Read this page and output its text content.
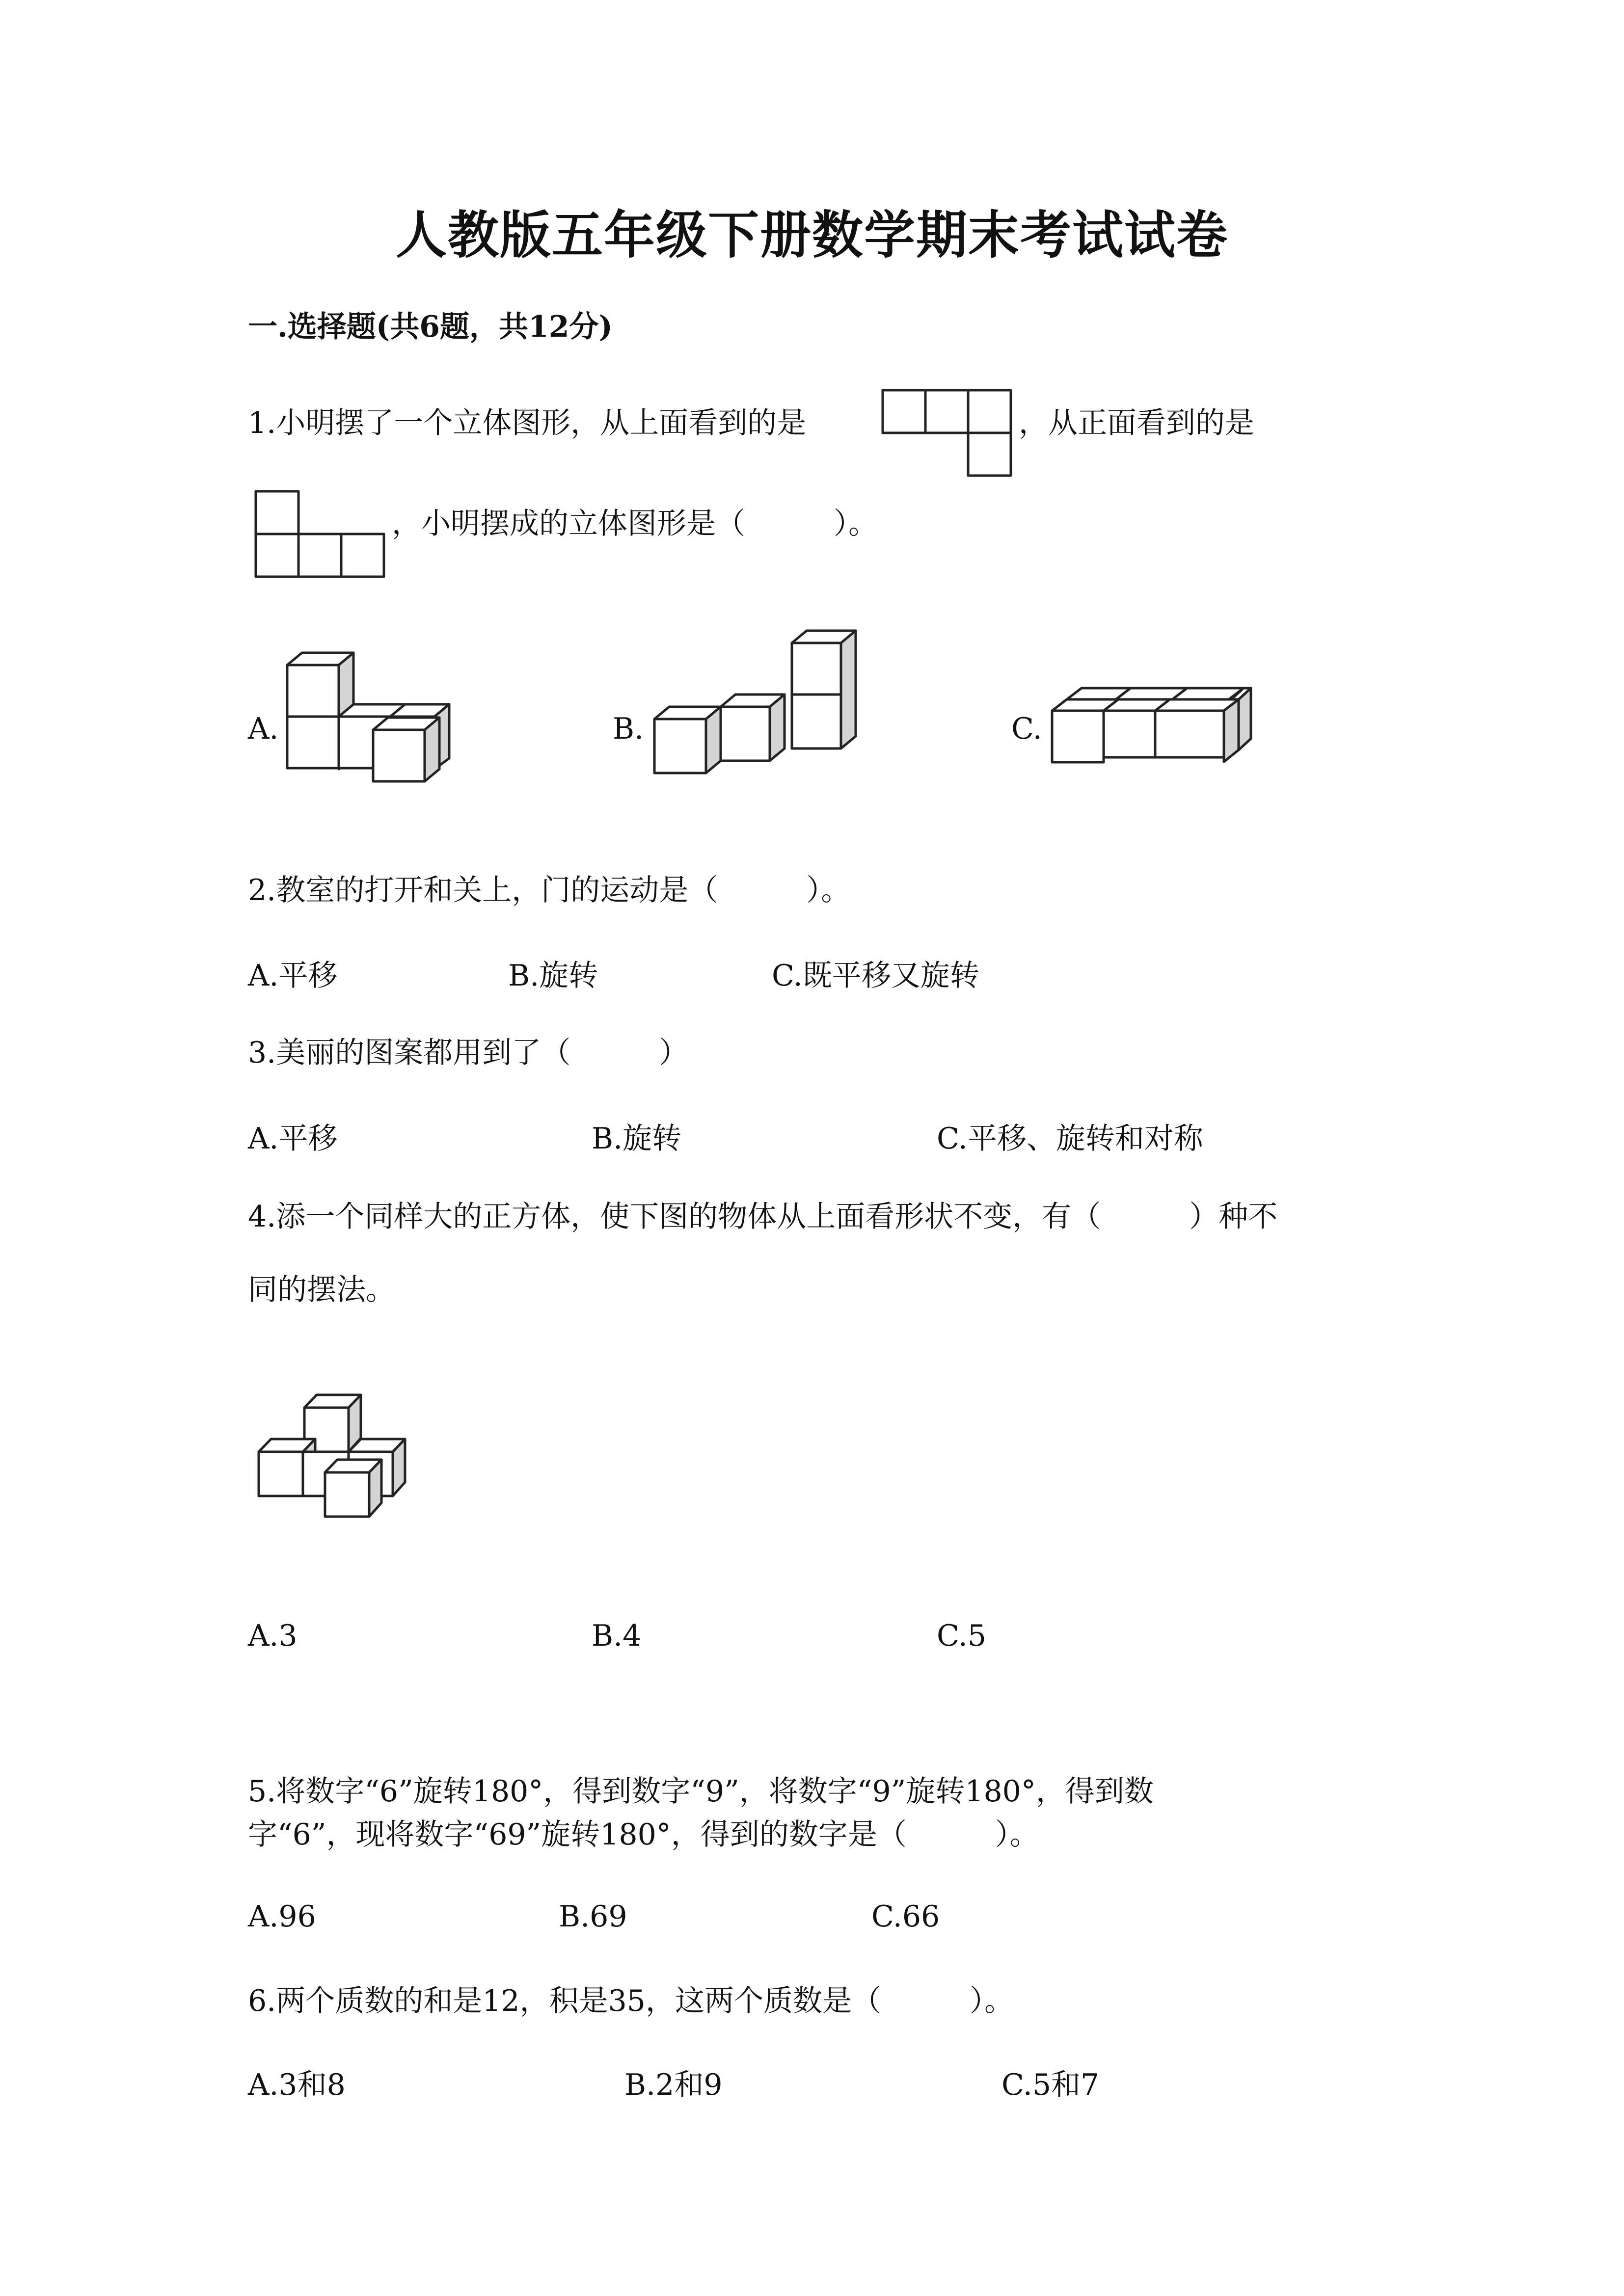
人教版五年级下册数学期末考试试卷
一.选择题(共6题，共12分)
1.小明摆了一个立体图形，从上面看到的是	，从正面看到的是
，小明摆成的立体图形是（　　　）。
A.	B.	C.
2.教室的打开和关上，门的运动是（　　　）。
A.平移	B.旋转	C.既平移又旋转
3.美丽的图案都用到了（　　　）
A.平移	B.旋转	C.平移、旋转和对称
4.添一个同样大的正方体，使下图的物体从上面看形状不变，有（　　　）种不
同的摆法。
A.3	B.4	C.5
5.将数字“6”旋转180°，得到数字“9”，将数字“9”旋转180°，得到数
字“6”，现将数字“69”旋转180°，得到的数字是（　　　）。
A.96	B.69	C.66
6.两个质数的和是12，积是35，这两个质数是（　　　）。
A.3和8	B.2和9	C.5和7
